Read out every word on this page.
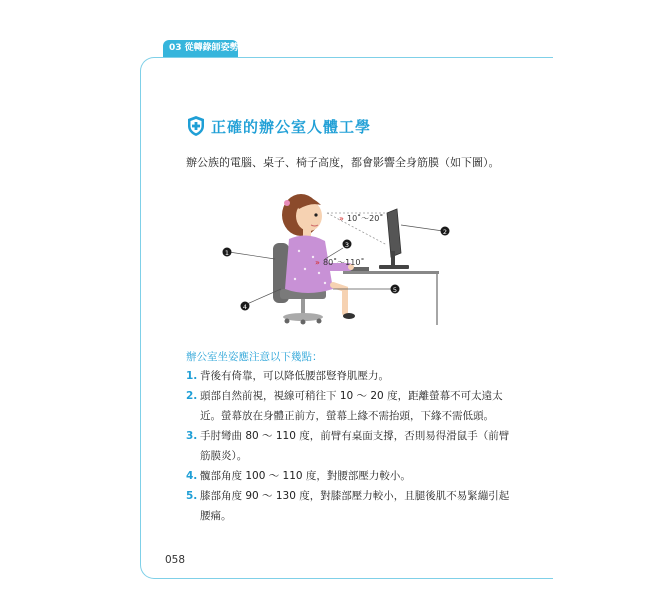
03 從轉錄師姿勢
正確的辦公室人體工學
辦公族的電腦、桌子、椅子高度，都會影響全身筋膜（如下圖）。
» 10˚～20˚
» 80˚～110˚
1
2
3
4
5
辦公室坐姿應注意以下幾點：
1. 背後有倚靠，可以降低腰部豎脊肌壓力。
2. 頭部自然前視，視線可稍往下 10 ～ 20 度，距離螢幕不可太遠太近。螢幕放在身體正前方，螢幕上緣不需抬頭，下緣不需低頭。
3. 手肘彎曲 80 ～ 110 度，前臂有桌面支撐，否則易得滑鼠手（前臂筋膜炎）。
4. 髖部角度 100 ～ 110 度，對腰部壓力較小。
5. 膝部角度 90 ～ 130 度，對膝部壓力較小，且腿後肌不易緊繃引起腰痛。
058
